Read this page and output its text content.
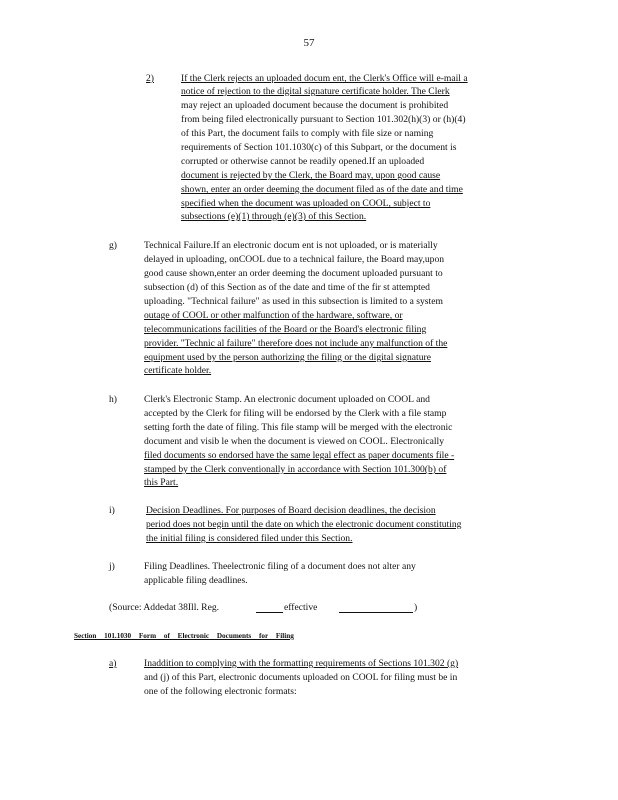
57
2)	If the Clerk rejects an uploaded docum ent, the Clerk's Office will e-mail a
notice of rejection to the digital signature certificate holder. The Clerk
may reject an uploaded document because the document is prohibited
from being filed electronically pursuant to Section 101.302(h)(3) or (h)(4)
of this Part, the document fails to comply with file size or naming
requirements of Section 101.1030(c) of this Subpart, or the document is
corrupted or otherwise cannot be readily opened.If an uploaded
document is rejected by the Clerk, the Board may, upon good cause
shown, enter an order deeming the document filed as of the date and time
specified when the document was uploaded on COOL, subject to
subsections (e)(1) through (e)(3) of this Section.
g)	Technical Failure.If an electronic docum ent is not uploaded, or is materially
delayed in uploading, onCOOL due to a technical failure, the Board may,upon
good cause shown,enter an order deeming the document uploaded pursuant to
subsection (d) of this Section as of the date and time of the fir st attempted
uploading. "Technical failure" as used in this subsection is limited to a system
outage of COOL or other malfunction of the hardware, software, or
telecommunications facilities of the Board or the Board's electronic filing
provider. "Technic al failure" therefore does not include any malfunction of the
equipment used by the person authorizing the filing or the digital signature
certificate holder.
h)	Clerk's Electronic Stamp. An electronic document uploaded on COOL and
accepted by the Clerk for filing will be endorsed by the Clerk with a file stamp
setting forth the date of filing. This file stamp will be merged with the electronic
document and visib le when the document is viewed on COOL. Electronically
filed documents so endorsed have the same legal effect as paper documents file -
stamped by the Clerk conventionally in accordance with Section 101.300(b) of
this Part.
i)	Decision Deadlines. For purposes of Board decision deadlines, the decision
period does not begin until the date on which the electronic document constituting
the initial filing is considered filed under this Section.
j)	Filing Deadlines. Theelectronic filing of a document does not alter any
applicable filing deadlines.
(Source: Addedat 38Ill. Reg.	effective	)
Section 101.1030 Form of Electronic Documents for Filing
a)	Inaddition to complying with the formatting requirements of Sections 101.302 (g)
and (j) of this Part, electronic documents uploaded on COOL for filing must be in
one of the following electronic formats:
